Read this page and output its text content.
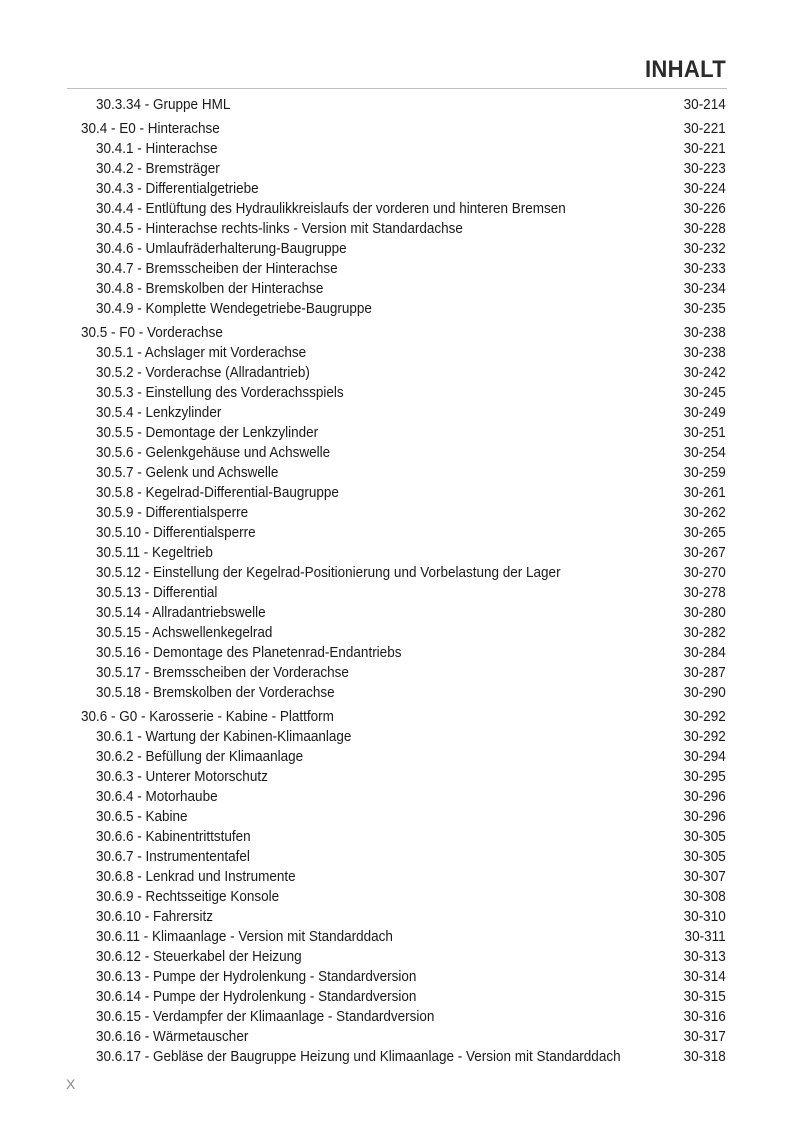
INHALT
30.3.34 - Gruppe HML	30-214
30.4 - E0 - Hinterachse	30-221
30.4.1 - Hinterachse	30-221
30.4.2 - Bremsträger	30-223
30.4.3 - Differentialgetriebe	30-224
30.4.4 - Entlüftung des Hydraulikkreislaufs der vorderen und hinteren Bremsen	30-226
30.4.5 - Hinterachse rechts-links - Version mit Standardachse	30-228
30.4.6 - Umlaufräderhalterung-Baugruppe	30-232
30.4.7 - Bremsscheiben der Hinterachse	30-233
30.4.8 - Bremskolben der Hinterachse	30-234
30.4.9 - Komplette Wendegetriebe-Baugruppe	30-235
30.5 - F0 - Vorderachse	30-238
30.5.1 - Achslager mit Vorderachse	30-238
30.5.2 - Vorderachse (Allradantrieb)	30-242
30.5.3 - Einstellung des Vorderachsspiels	30-245
30.5.4 - Lenkzylinder	30-249
30.5.5 - Demontage der Lenkzylinder	30-251
30.5.6 - Gelenkgehäuse und Achswelle	30-254
30.5.7 - Gelenk und Achswelle	30-259
30.5.8 - Kegelrad-Differential-Baugruppe	30-261
30.5.9 - Differentialsperre	30-262
30.5.10 - Differentialsperre	30-265
30.5.11 - Kegeltrieb	30-267
30.5.12 - Einstellung der Kegelrad-Positionierung und Vorbelastung der Lager	30-270
30.5.13 - Differential	30-278
30.5.14 - Allradantriebswelle	30-280
30.5.15 - Achswellenkegelrad	30-282
30.5.16 - Demontage des Planetenrad-Endantriebs	30-284
30.5.17 - Bremsscheiben der Vorderachse	30-287
30.5.18 - Bremskolben der Vorderachse	30-290
30.6 - G0 - Karosserie - Kabine - Plattform	30-292
30.6.1 - Wartung der Kabinen-Klimaanlage	30-292
30.6.2 - Befüllung der Klimaanlage	30-294
30.6.3 - Unterer Motorschutz	30-295
30.6.4 - Motorhaube	30-296
30.6.5 - Kabine	30-296
30.6.6 - Kabinentrittstufen	30-305
30.6.7 - Instrumententafel	30-305
30.6.8 - Lenkrad und Instrumente	30-307
30.6.9 - Rechtsseitige Konsole	30-308
30.6.10 - Fahrersitz	30-310
30.6.11 - Klimaanlage - Version mit Standarddach	30-311
30.6.12 - Steuerkabel der Heizung	30-313
30.6.13 - Pumpe der Hydrolenkung - Standardversion	30-314
30.6.14 - Pumpe der Hydrolenkung - Standardversion	30-315
30.6.15 - Verdampfer der Klimaanlage - Standardversion	30-316
30.6.16 - Wärmetauscher	30-317
30.6.17 - Gebläse der Baugruppe Heizung und Klimaanlage - Version mit Standarddach	30-318
X
